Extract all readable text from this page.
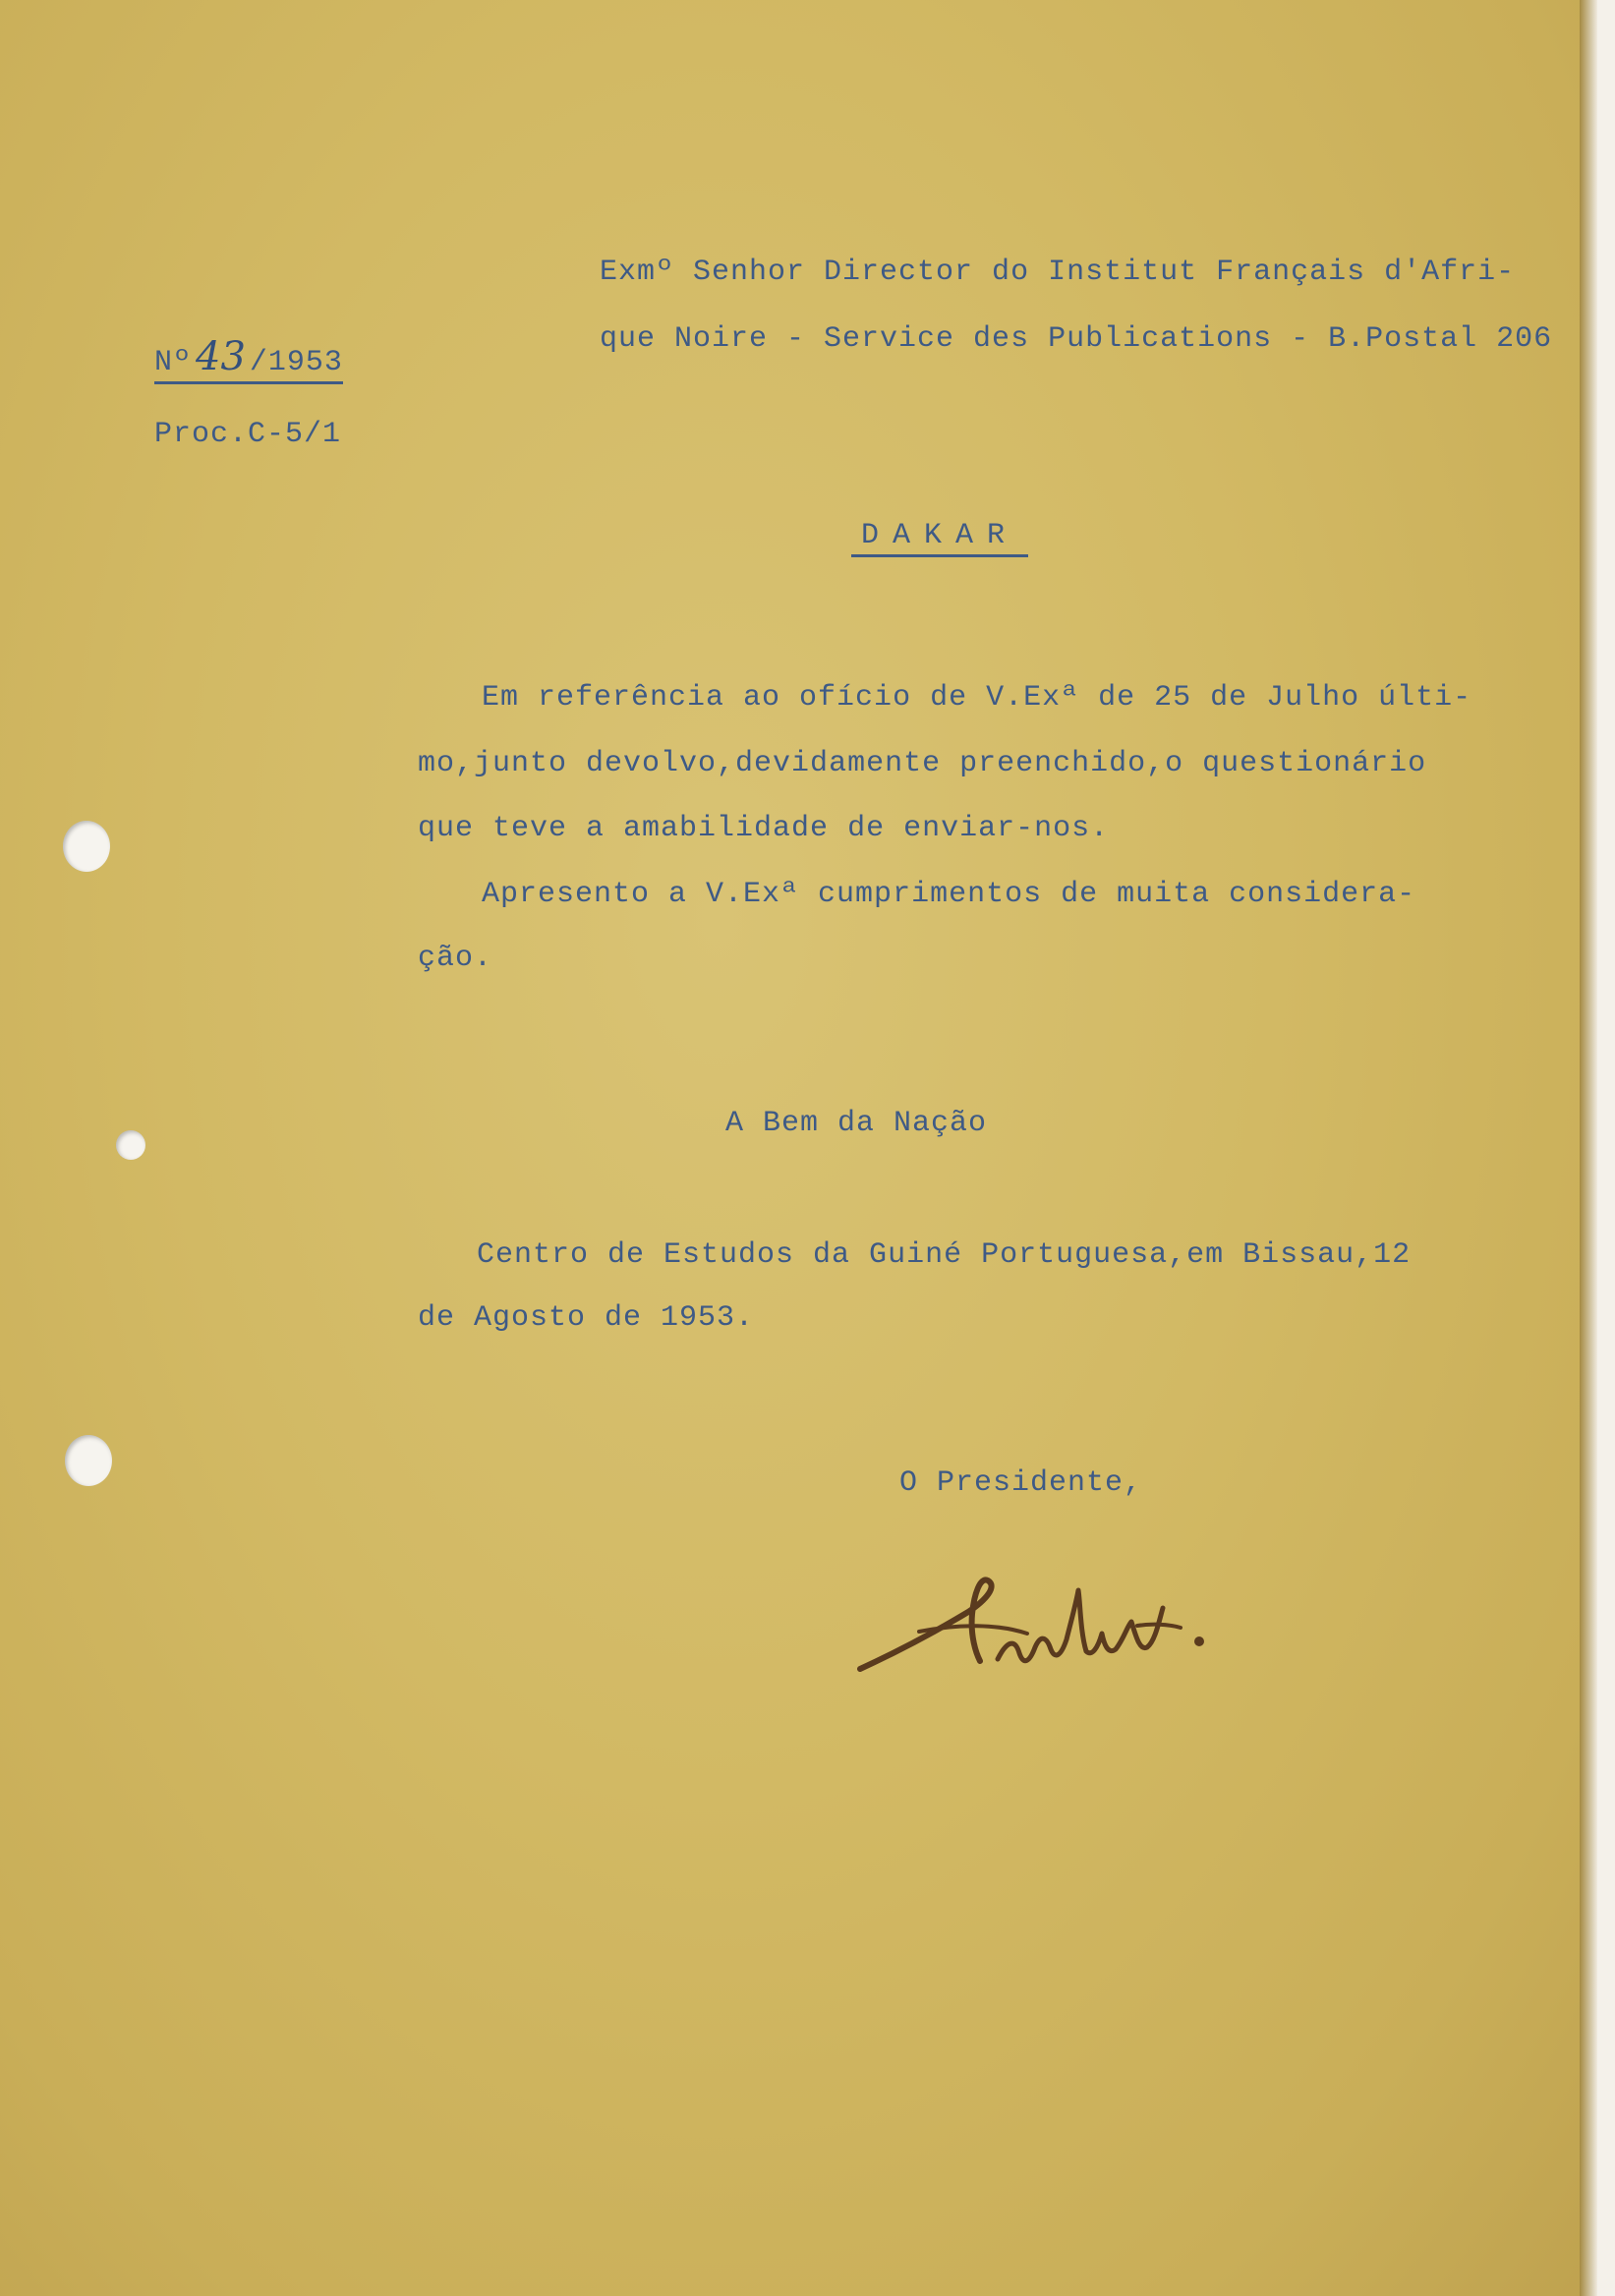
Nº 43 /1953

Proc.C-5/1

Exmº Senhor Director do Institut Français d'Afri-

que Noire - Service des Publications - B.Postal 206

DAKAR

Em referência ao ofício de V.Exª de 25 de Julho últi-

mo,junto devolvo,devidamente preenchido,o questionário

que teve a amabilidade de enviar-nos.

Apresento a V.Exª cumprimentos de muita considera-

ção.

A Bem da Nação

Centro de Estudos da Guiné Portuguesa,em Bissau,12

de Agosto de 1953.

O Presidente,
